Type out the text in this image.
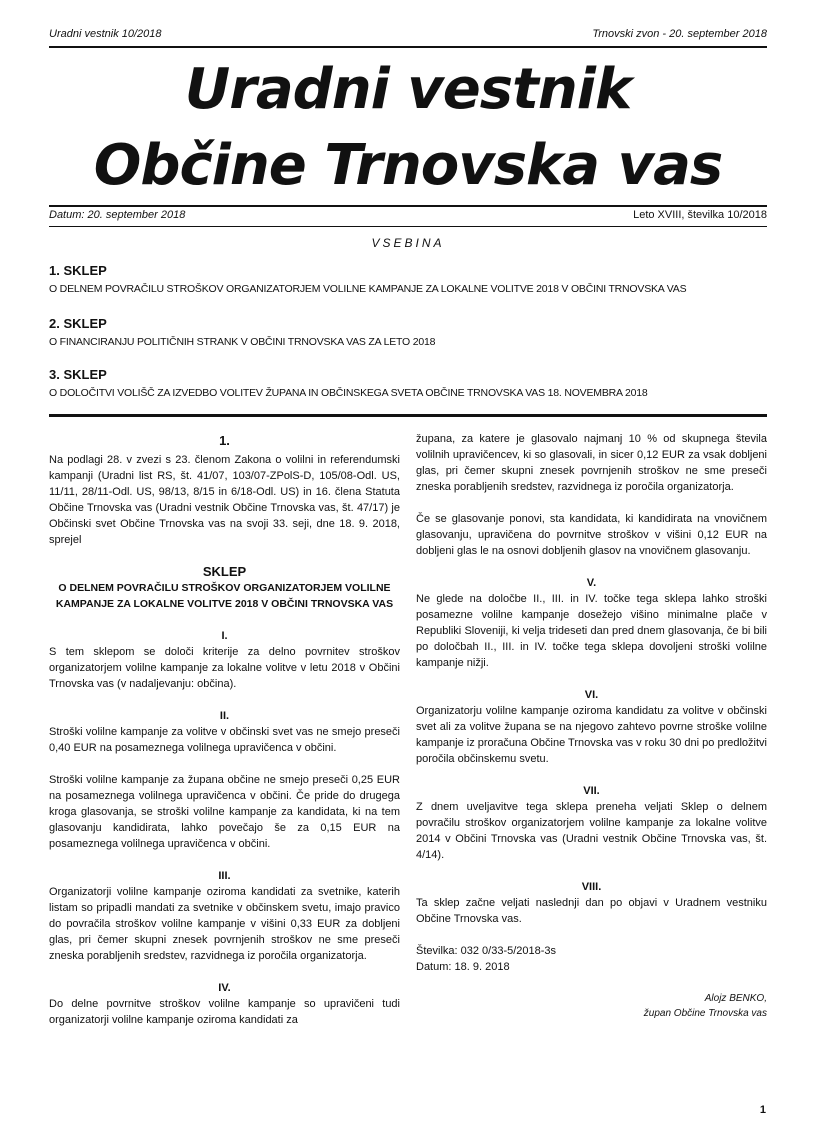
Uradni vestnik 10/2018	Trnovski zvon - 20. september 2018
Uradni vestnik
Občine Trnovska vas
Datum: 20. september 2018	Leto XVIII, številka 10/2018
VSEBINA
1. SKLEP
O DELNEM POVRAČILU STROŠKOV ORGANIZATORJEM VOLILNE KAMPANJE ZA LOKALNE VOLITVE 2018 V OBČINI TRNOVSKA VAS
2. SKLEP
O FINANCIRANJU POLITIČNIH STRANK V OBČINI TRNOVSKA VAS ZA LETO 2018
3. SKLEP
O DOLOČITVI VOLIŠČ ZA IZVEDBO VOLITEV ŽUPANA IN OBČINSKEGA SVETA OBČINE TRNOVSKA VAS 18. NOVEMBRA 2018
1.

Na podlagi 28. v zvezi s 23. členom Zakona o volilni in referendumski kampanji (Uradni list RS, št. 41/07, 103/07-ZPolS-D, 105/08-Odl. US, 11/11, 28/11-Odl. US, 98/13, 8/15 in 6/18-Odl. US) in 16. člena Statuta Občine Trnovska vas (Uradni vestnik Občine Trnovska vas, št. 47/17) je Občinski svet Občine Trnovska vas na svoji 33. seji, dne 18. 9. 2018, sprejel

SKLEP
O DELNEM POVRAČILU STROŠKOV ORGANIZATORJEM VOLILNE KAMPANJE ZA LOKALNE VOLITVE 2018 V OBČINI TRNOVSKA VAS
I.

S tem sklepom se določi kriterije za delno povrnitev stroškov organizatorjem volilne kampanje za lokalne volitve v letu 2018 v Občini Trnovska vas (v nadaljevanju: občina).

II.

Stroški volilne kampanje za volitve v občinski svet vas ne smejo preseči 0,40 EUR na posameznega volilnega upravičenca v občini.

Stroški volilne kampanje za župana občine ne smejo preseči 0,25 EUR na posameznega volilnega upravičenca v občini. Če pride do drugega kroga glasovanja, se stroški volilne kampanje za kandidata, ki na tem glasovanju kandidirata, lahko povečajo še za 0,15 EUR na posameznega volilnega upravičenca v občini.

III.

Organizatorji volilne kampanje oziroma kandidati za svetnike, katerih listam so pripadli mandati za svetnike v občinskem svetu, imajo pravico do povračila stroškov volilne kampanje v višini 0,33 EUR za dobljeni glas, pri čemer skupni znesek povrnjenih stroškov ne sme preseči zneska porabljenih sredstev, razvidnega iz poročila organizatorja.

IV.

Do delne povrnitve stroškov volilne kampanje so upravičeni tudi organizatorji volilne kampanje oziroma kandidati za

župana, za katere je glasovalo najmanj 10 % od skupnega števila volilnih upravičencev, ki so glasovali, in sicer 0,12 EUR za vsak dobljeni glas, pri čemer skupni znesek povrnjenih stroškov ne sme preseči zneska porabljenih sredstev, razvidnega iz poročila organizatorja.

Če se glasovanje ponovi, sta kandidata, ki kandidirata na vnovičnem glasovanju, upravičena do povrnitve stroškov v višini 0,12 EUR na dobljeni glas le na osnovi dobljenih glasov na vnovičnem glasovanju.

V.

Ne glede na določbe II., III. in IV. točke tega sklepa lahko stroški posamezne volilne kampanje dosežejo višino minimalne plače v Republiki Sloveniji, ki velja trideseti dan pred dnem glasovanja, če bi bili po določbah II., III. in IV. točke tega sklepa dovoljeni stroški volilne kampanje nižji.

VI.

Organizatorju volilne kampanje oziroma kandidatu za volitve v občinski svet ali za volitve župana se na njegovo zahtevo povrne stroške volilne kampanje iz proračuna Občine Trnovska vas v roku 30 dni po predložitvi poročila občinskemu svetu.

VII.

Z dnem uveljavitve tega sklepa preneha veljati Sklep o delnem povračilu stroškov organizatorjem volilne kampanje za lokalne volitve 2014 v Občini Trnovska vas (Uradni vestnik Občine Trnovska vas, št. 4/14).

VIII.

Ta sklep začne veljati naslednji dan po objavi v Uradnem vestniku Občine Trnovska vas.

Številka: 032 0/33-5/2018-3s

Datum: 18. 9. 2018

Alojz BENKO,
župan Občine Trnovska vas
1
